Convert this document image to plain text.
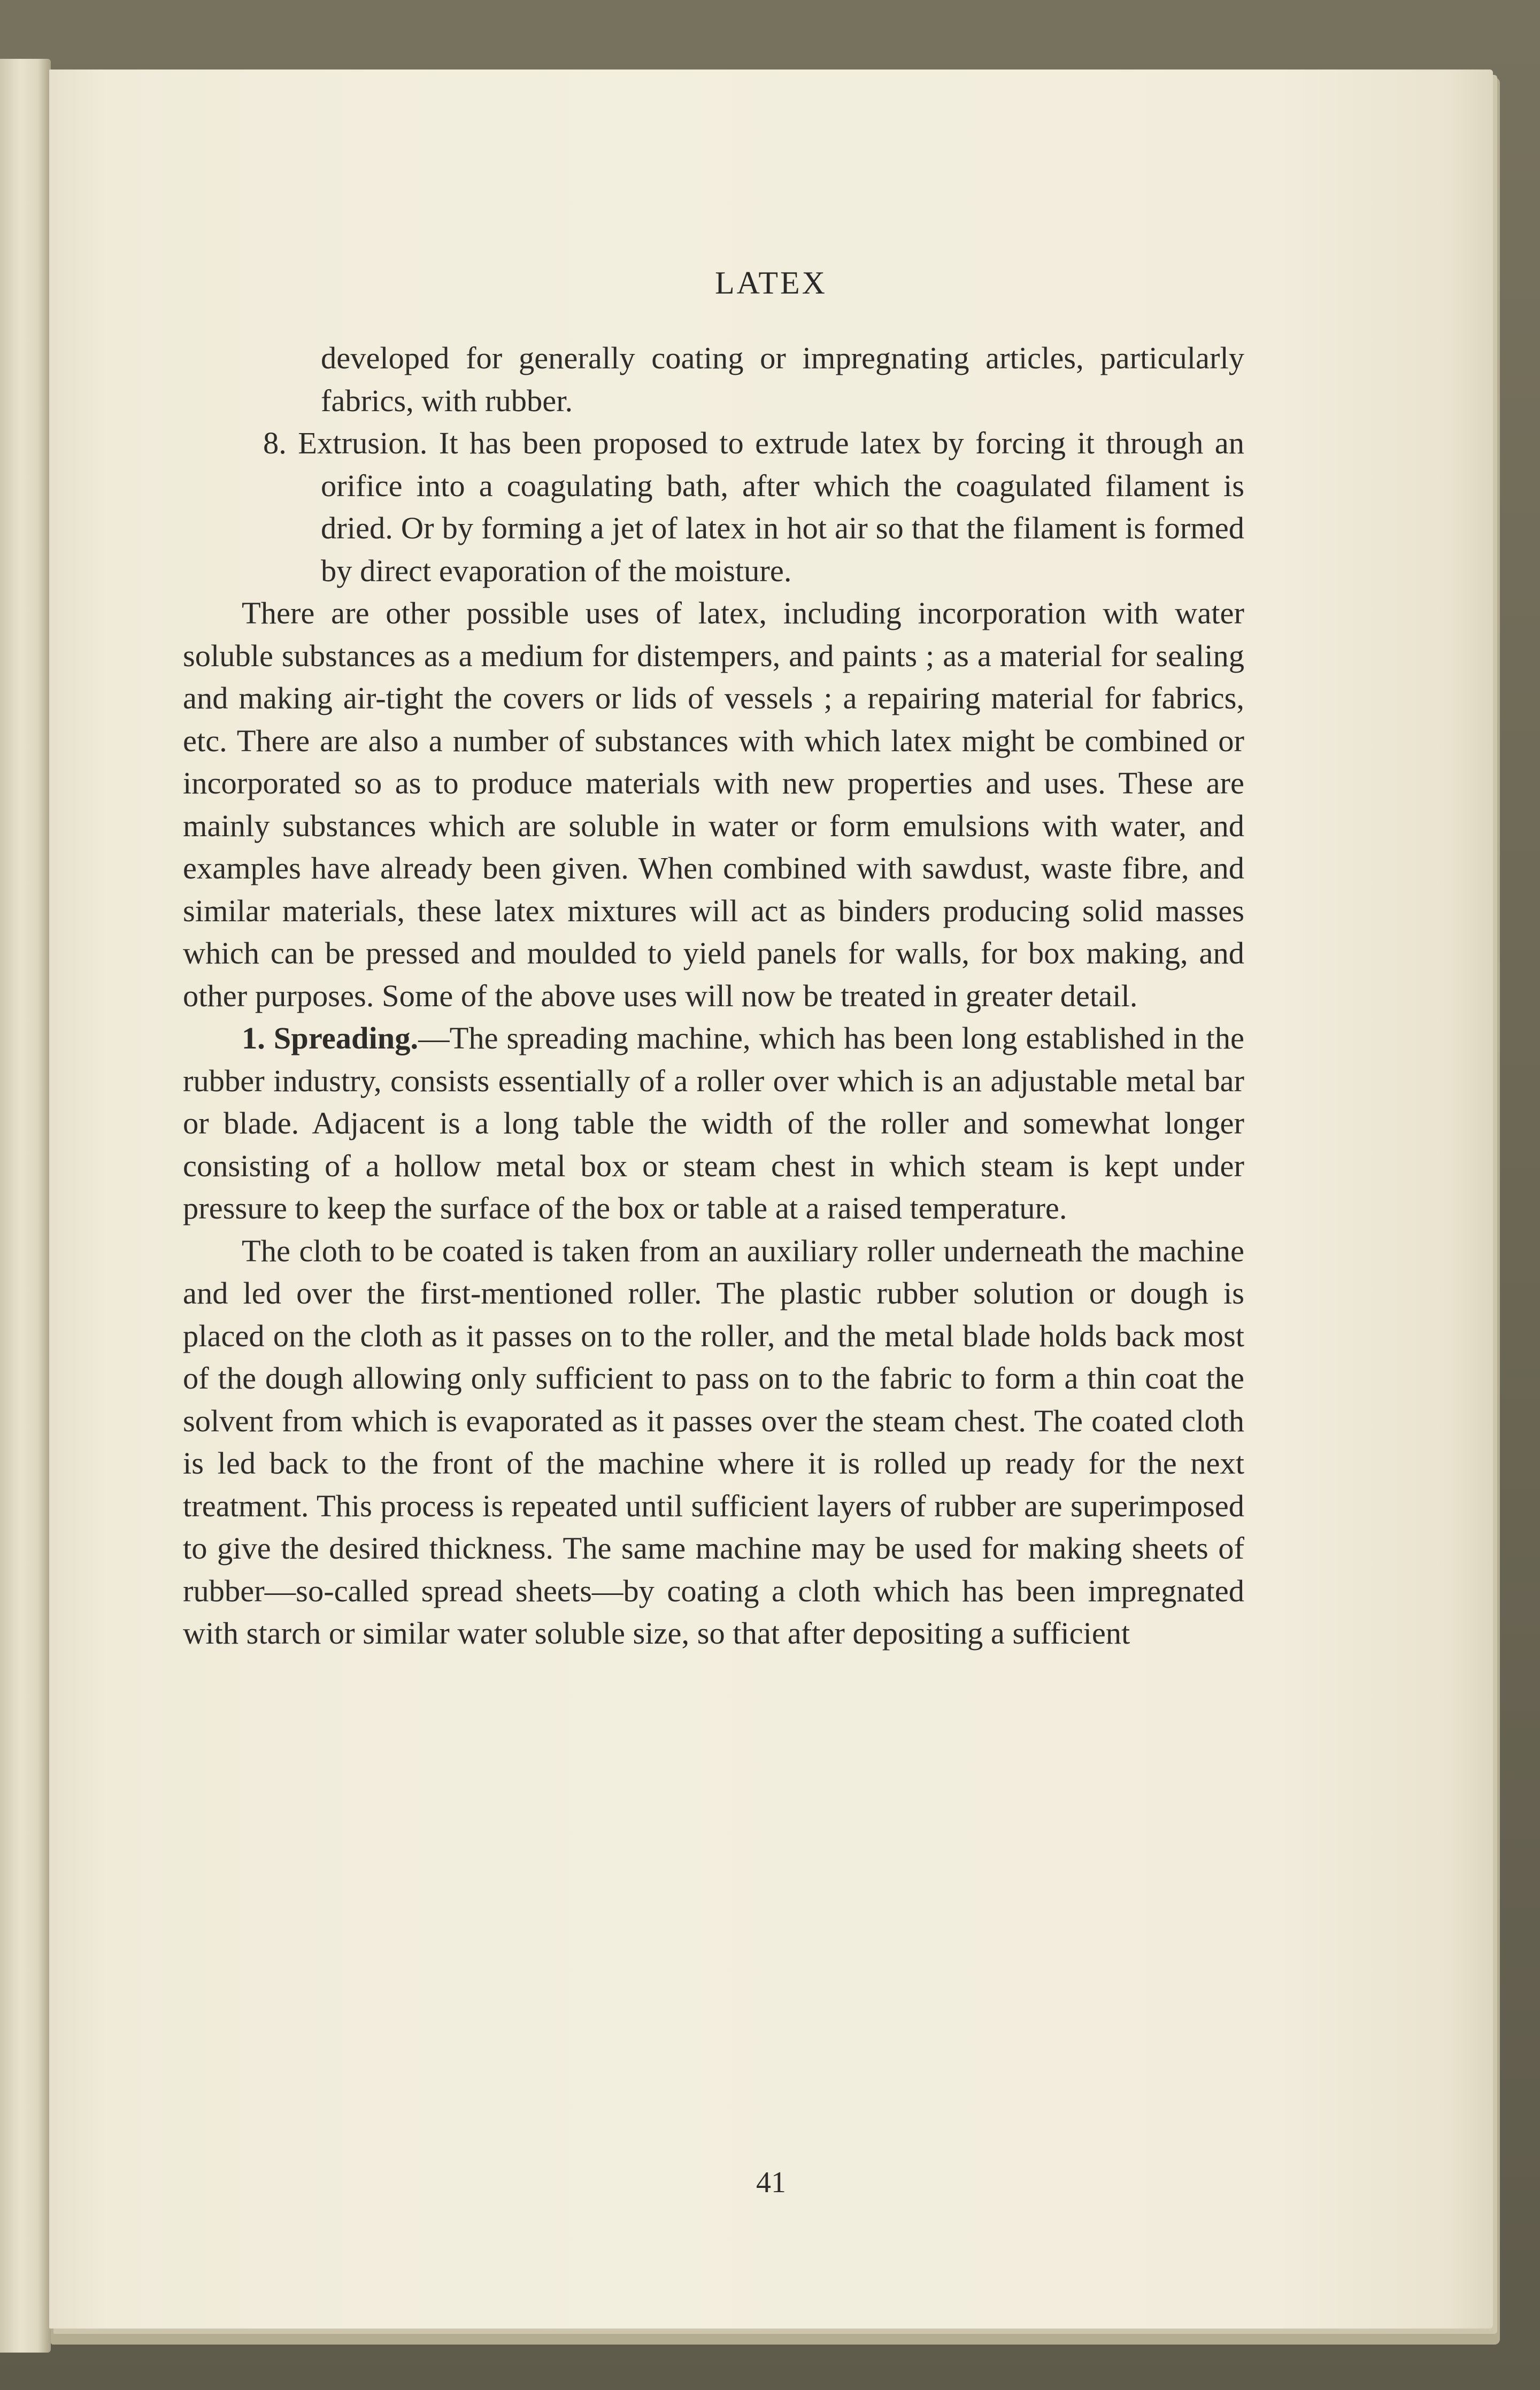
LATEX

developed for generally coating or impregnating articles, particularly fabrics, with rubber.

8. Extrusion. It has been proposed to extrude latex by forcing it through an orifice into a coagulating bath, after which the coagulated filament is dried. Or by forming a jet of latex in hot air so that the filament is formed by direct evaporation of the moisture.

There are other possible uses of latex, including incorporation with water soluble substances as a medium for distempers, and paints ; as a material for sealing and making air-tight the covers or lids of vessels ; a repairing material for fabrics, etc. There are also a number of substances with which latex might be combined or incorporated so as to produce materials with new properties and uses. These are mainly substances which are soluble in water or form emulsions with water, and examples have already been given. When combined with sawdust, waste fibre, and similar materials, these latex mixtures will act as binders producing solid masses which can be pressed and moulded to yield panels for walls, for box making, and other purposes. Some of the above uses will now be treated in greater detail.

1. Spreading.—The spreading machine, which has been long established in the rubber industry, consists essentially of a roller over which is an adjustable metal bar or blade. Adjacent is a long table the width of the roller and somewhat longer consisting of a hollow metal box or steam chest in which steam is kept under pressure to keep the surface of the box or table at a raised temperature.

The cloth to be coated is taken from an auxiliary roller underneath the machine and led over the first-mentioned roller. The plastic rubber solution or dough is placed on the cloth as it passes on to the roller, and the metal blade holds back most of the dough allowing only sufficient to pass on to the fabric to form a thin coat the solvent from which is evaporated as it passes over the steam chest. The coated cloth is led back to the front of the machine where it is rolled up ready for the next treatment. This process is repeated until sufficient layers of rubber are superimposed to give the desired thickness. The same machine may be used for making sheets of rubber—so-called spread sheets—by coating a cloth which has been impregnated with starch or similar water soluble size, so that after depositing a sufficient

41
